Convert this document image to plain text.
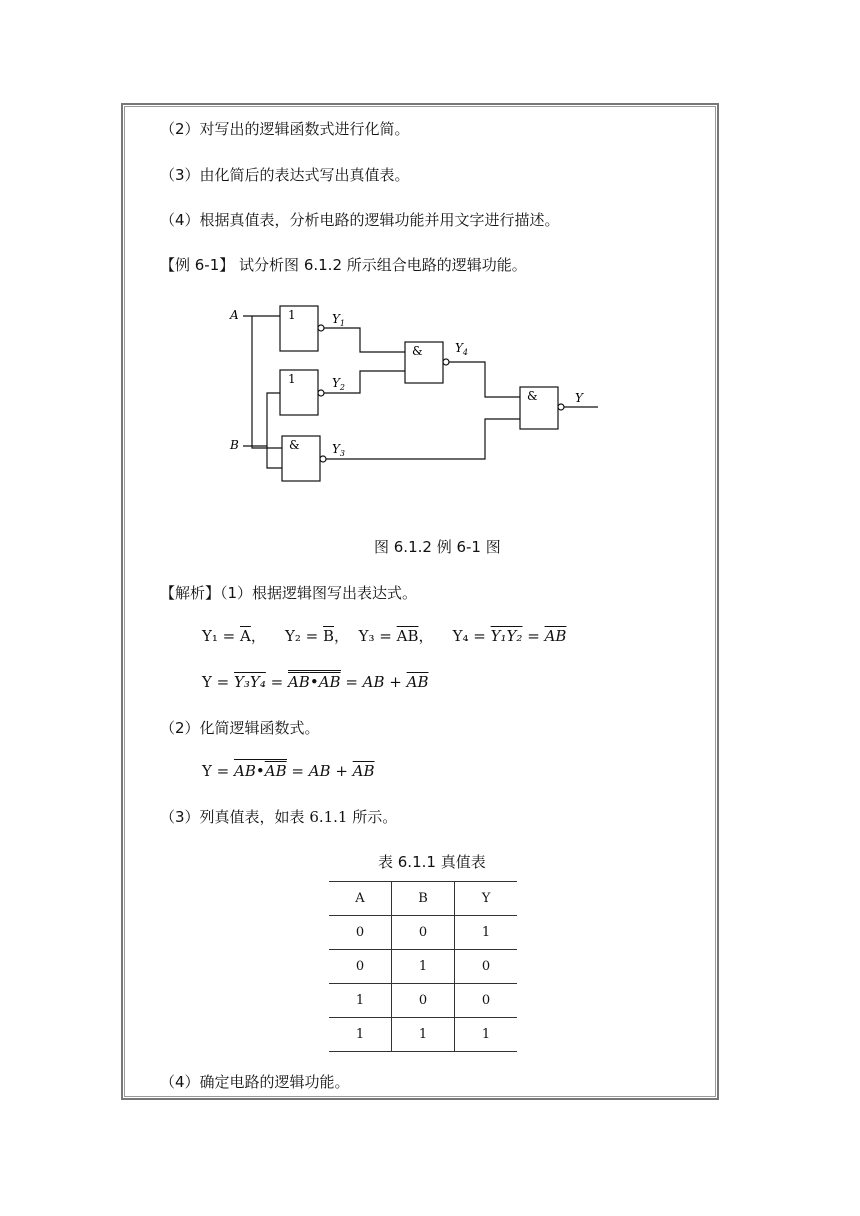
（2）对写出的逻辑函数式进行化简。
（3）由化简后的表达式写出真值表。
（4）根据真值表，分析电路的逻辑功能并用文字进行描述。
【例 6-1】 试分析图 6.1.2 所示组合电路的逻辑功能。
1
1
&
&
&
A
B
$Y_1$
$Y_2$
$Y_3$
$Y_4$
Y
图 6.1.2 例 6-1 图
【解析】（1）根据逻辑图写出表达式。
$Y_1 = \overline{A}$， $Y_2 = \overline{B}$， $Y_3 = \overline{AB}$， $Y_4 = Y_1Y_2 = \overline{AB}$
Y = Y₃Y₄ = AB•AB = AB + $\overline{AB}$
（2）化简逻辑函数式。
$Y = AB•\overline{AB}$ = AB + $\overline{AB}$
（3）列真值表，如表 6.1.1 所示。
表 6.1.1 真值表
A	B	Y
0	0	1
0	1	0
1	0	0
1	1	1
（4）确定电路的逻辑功能。
